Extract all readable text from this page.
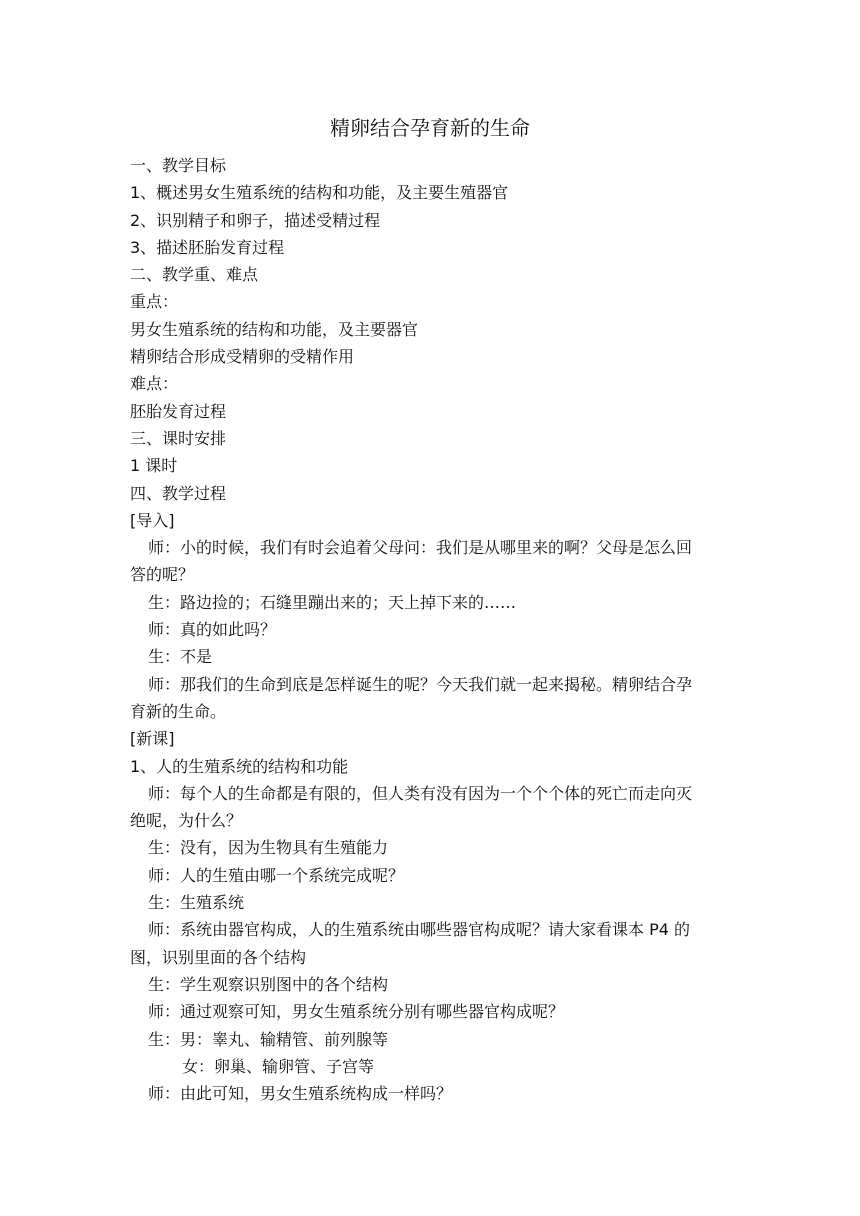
精卵结合孕育新的生命
一、教学目标
1、概述男女生殖系统的结构和功能，及主要生殖器官
2、识别精子和卵子，描述受精过程
3、描述胚胎发育过程
二、教学重、难点
重点：
男女生殖系统的结构和功能，及主要器官
精卵结合形成受精卵的受精作用
难点：
胚胎发育过程
三、课时安排
1 课时
四、教学过程
[导入]
师：小的时候，我们有时会追着父母问：我们是从哪里来的啊？父母是怎么回
答的呢？
生：路边捡的；石缝里蹦出来的；天上掉下来的……
师：真的如此吗？
生：不是
师：那我们的生命到底是怎样诞生的呢？今天我们就一起来揭秘。精卵结合孕
育新的生命。
[新课]
1、人的生殖系统的结构和功能
师：每个人的生命都是有限的，但人类有没有因为一个个个体的死亡而走向灭
绝呢，为什么？
生：没有，因为生物具有生殖能力
师：人的生殖由哪一个系统完成呢？
生：生殖系统
师：系统由器官构成，人的生殖系统由哪些器官构成呢？请大家看课本 P4 的
图，识别里面的各个结构
生：学生观察识别图中的各个结构
师：通过观察可知，男女生殖系统分别有哪些器官构成呢？
生：男：睾丸、输精管、前列腺等
女：卵巢、输卵管、子宫等
师：由此可知，男女生殖系统构成一样吗？
